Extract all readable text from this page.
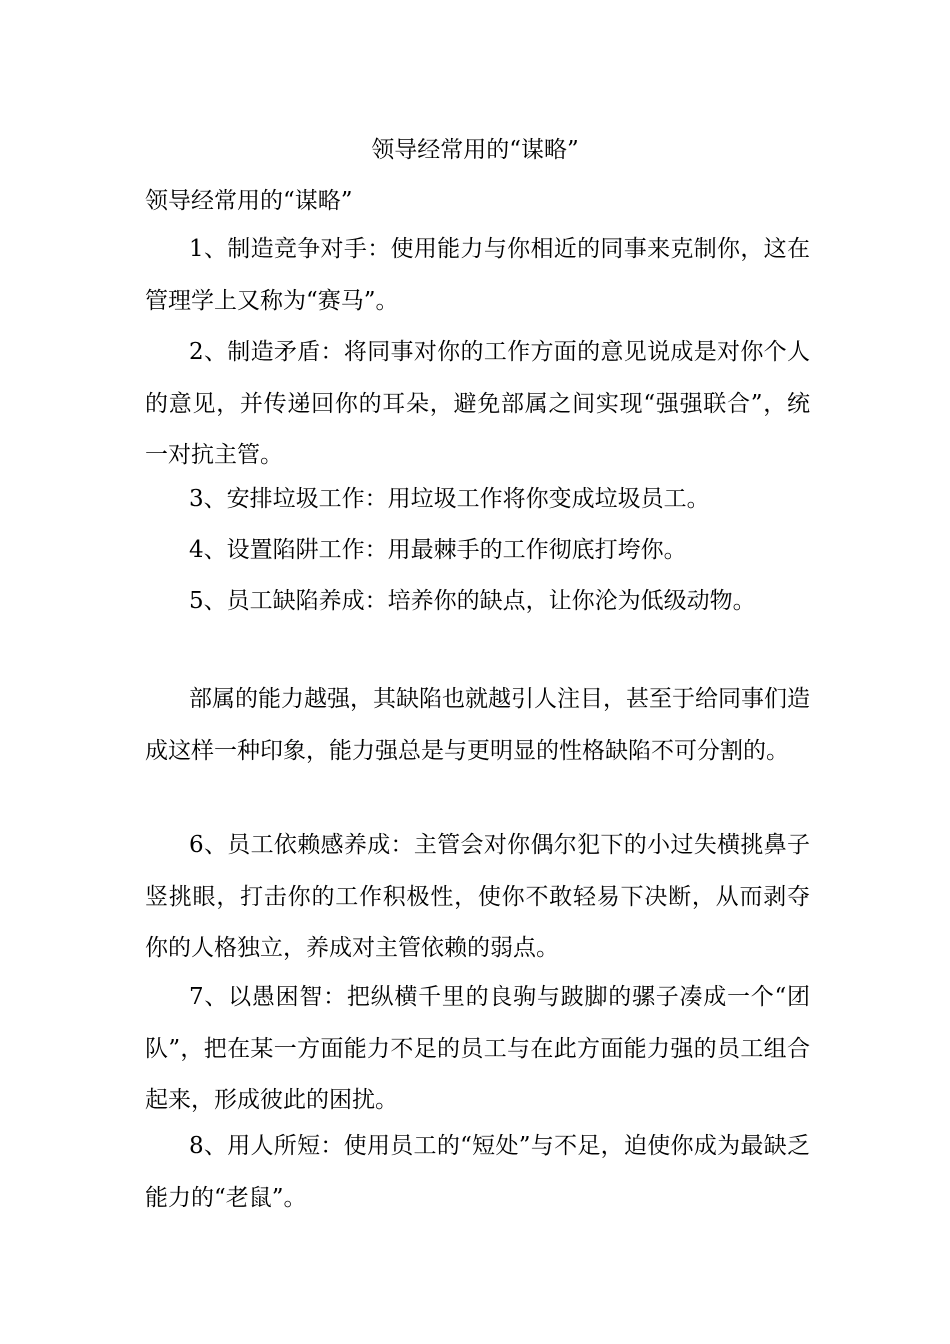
领导经常用的“谋略”
领导经常用的“谋略”

1、制造竞争对手：使用能力与你相近的同事来克制你，这在管理学上又称为“赛马”。

2、制造矛盾：将同事对你的工作方面的意见说成是对你个人的意见，并传递回你的耳朵，避免部属之间实现“强强联合”，统一对抗主管。

3、安排垃圾工作：用垃圾工作将你变成垃圾员工。

4、设置陷阱工作：用最棘手的工作彻底打垮你。

5、员工缺陷养成：培养你的缺点，让你沦为低级动物。

部属的能力越强，其缺陷也就越引人注目，甚至于给同事们造成这样一种印象，能力强总是与更明显的性格缺陷不可分割的。

6、员工依赖感养成：主管会对你偶尔犯下的小过失横挑鼻子竖挑眼，打击你的工作积极性，使你不敢轻易下决断，从而剥夺你的人格独立，养成对主管依赖的弱点。

7、以愚困智：把纵横千里的良驹与跛脚的骡子凑成一个“团队”，把在某一方面能力不足的员工与在此方面能力强的员工组合起来，形成彼此的困扰。

8、用人所短：使用员工的“短处”与不足，迫使你成为最缺乏能力的“老鼠”。
